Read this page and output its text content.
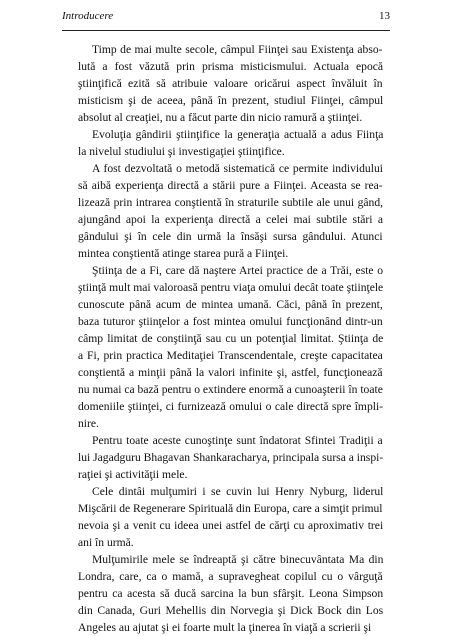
Introducere	13

Timp de mai multe secole, câmpul Fiinţei sau Existenţa abso-
lută a fost văzută prin prisma misticismului. Actuala epocă
ştiinţifică ezită să atribuie valoare oricărui aspect învăluit în
misticism şi de aceea, până în prezent, studiul Fiinţei, câmpul
absolut al creaţiei, nu a făcut parte din nicio ramură a ştiinţei.

Evoluţia gândirii ştiinţifice la generaţia actuală a adus Fiinţa
la nivelul studiului şi investigaţiei ştiinţifice.

A fost dezvoltată o metodă sistematică ce permite individului
să aibă experienţa directă a stării pure a Fiinţei. Aceasta se rea-
lizează prin intrarea conştientă în straturile subtile ale unui gând,
ajungând apoi la experienţa directă a celei mai subtile stări a
gândului şi în cele din urmă la însăşi sursa gândului. Atunci
mintea conştientă atinge starea pură a Fiinţei.

Ştiinţa de a Fi, care dă naştere Artei practice de a Trăi, este o
ştiinţă mult mai valoroasă pentru viaţa omului decât toate ştiinţele
cunoscute până acum de mintea umană. Căci, până în prezent,
baza tuturor ştiinţelor a fost mintea omului funcţionând dintr-un
câmp limitat de conştiinţă sau cu un potenţial limitat. Ştiinţa de
a Fi, prin practica Meditaţiei Transcendentale, creşte capacitatea
conştientă a minţii până la valori infinite şi, astfel, funcţionează
nu numai ca bază pentru o extindere enormă a cunoaşterii în toate
domeniile ştiinţei, ci furnizează omului o cale directă spre împli-
nire.

Pentru toate aceste cunoştinţe sunt îndatorat Sfintei Tradiţii a
lui Jagadguru Bhagavan Shankaracharya, principala sursa a inspi-
raţiei şi activităţii mele.

Cele dintâi mulţumiri i se cuvin lui Henry Nyburg, liderul
Mişcării de Regenerare Spirituală din Europa, care a simţit primul
nevoia şi a venit cu ideea unei astfel de cărţi cu aproximativ trei
ani în urmă.

Mulţumirile mele se îndreaptă şi către binecuvântata Ma din
Londra, care, ca o mamă, a supravegheat copilul cu o vârguţă
pentru ca acesta să ducă sarcina la bun sfârşit. Leona Simpson
din Canada, Guri Mehellis din Norvegia şi Dick Bock din Los
Angeles au ajutat şi ei foarte mult la ţinerea în viaţă a scrierii şi
